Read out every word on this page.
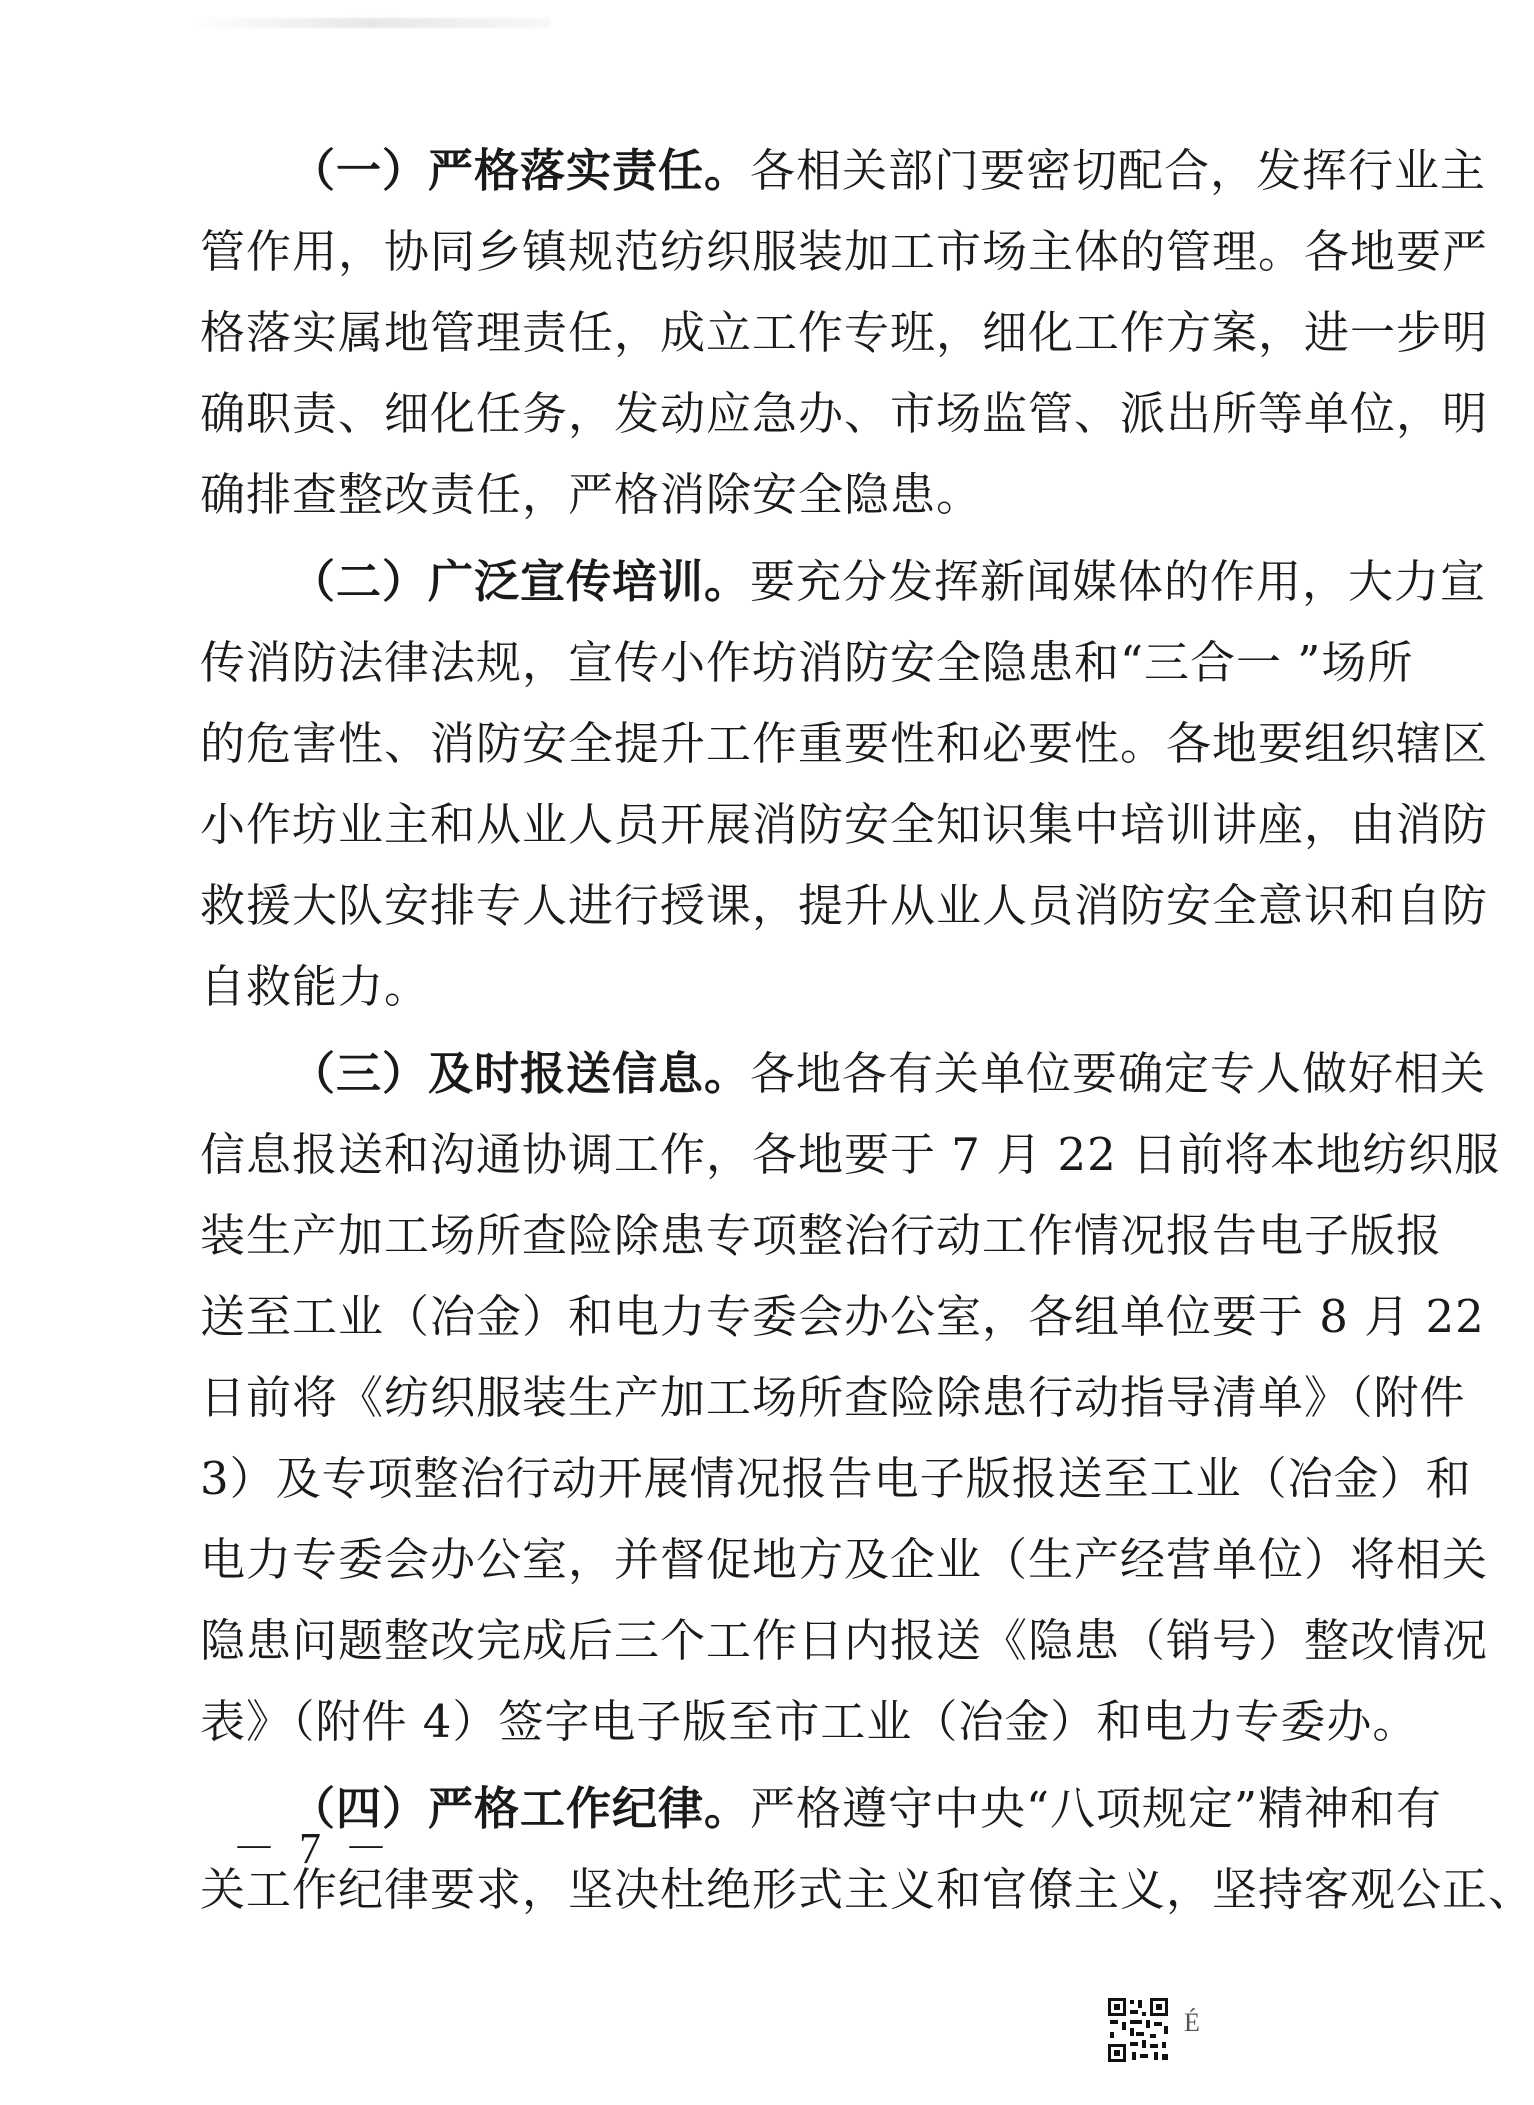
（一）严格落实责任。各相关部门要密切配合，发挥行业主
管作用，协同乡镇规范纺织服装加工市场主体的管理。各地要严
格落实属地管理责任，成立工作专班，细化工作方案，进一步明
确职责、细化任务，发动应急办、市场监管、派出所等单位，明
确排查整改责任，严格消除安全隐患。
（二）广泛宣传培训。要充分发挥新闻媒体的作用，大力宣
传消防法律法规，宣传小作坊消防安全隐患和“三合一 ”场所
的危害性、消防安全提升工作重要性和必要性。各地要组织辖区
小作坊业主和从业人员开展消防安全知识集中培训讲座，由消防
救援大队安排专人进行授课，提升从业人员消防安全意识和自防
自救能力。
（三）及时报送信息。各地各有关单位要确定专人做好相关
信息报送和沟通协调工作，各地要于 7 月 22 日前将本地纺织服
装生产加工场所查险除患专项整治行动工作情况报告电子版报
送至工业（冶金）和电力专委会办公室，各组单位要于 8 月 22
日前将《纺织服装生产加工场所查险除患行动指导清单》（附件
3）及专项整治行动开展情况报告电子版报送至工业（冶金）和
电力专委会办公室，并督促地方及企业（生产经营单位）将相关
隐患问题整改完成后三个工作日内报送《隐患（销号）整改情况
表》（附件 4）签字电子版至市工业（冶金）和电力专委办。
（四）严格工作纪律。严格遵守中央“八项规定”精神和有
关工作纪律要求，坚决杜绝形式主义和官僚主义，坚持客观公正、
－ 7 －
É
